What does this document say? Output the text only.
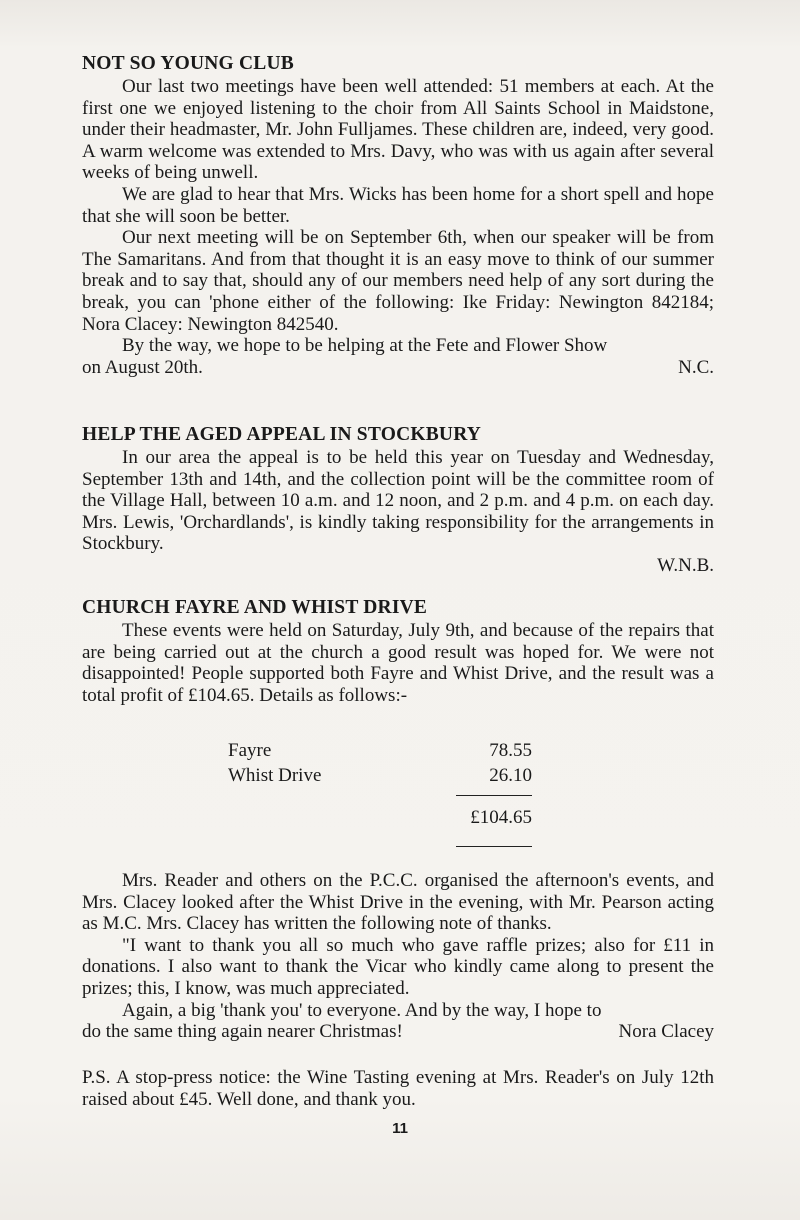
NOT SO YOUNG CLUB

Our last two meetings have been well attended: 51 members at each. At the first one we enjoyed listening to the choir from All Saints School in Maidstone, under their headmaster, Mr. John Fulljames. These children are, indeed, very good. A warm welcome was extended to Mrs. Davy, who was with us again after several weeks of being unwell.

We are glad to hear that Mrs. Wicks has been home for a short spell and hope that she will soon be better.

Our next meeting will be on September 6th, when our speaker will be from The Samaritans. And from that thought it is an easy move to think of our summer break and to say that, should any of our members need help of any sort during the break, you can 'phone either of the following: Ike Friday: Newington 842184; Nora Clacey: Newington 842540.

By the way, we hope to be helping at the Fete and Flower Show

on August 20th.	N.C.
HELP THE AGED APPEAL IN STOCKBURY

In our area the appeal is to be held this year on Tuesday and Wednesday, September 13th and 14th, and the collection point will be the committee room of the Village Hall, between 10 a.m. and 12 noon, and 2 p.m. and 4 p.m. on each day. Mrs. Lewis, 'Orchardlands', is kindly taking responsibility for the arrangements in Stockbury.

W.N.B.
CHURCH FAYRE AND WHIST DRIVE

These events were held on Saturday, July 9th, and because of the repairs that are being carried out at the church a good result was hoped for. We were not disappointed! People supported both Fayre and Whist Drive, and the result was a total profit of £104.65. Details as follows:-

Fayre	78.55
Whist Drive	26.10
£104.65

Mrs. Reader and others on the P.C.C. organised the afternoon's events, and Mrs. Clacey looked after the Whist Drive in the evening, with Mr. Pearson acting as M.C. Mrs. Clacey has written the following note of thanks.

"I want to thank you all so much who gave raffle prizes; also for £11 in donations. I also want to thank the Vicar who kindly came along to present the prizes; this, I know, was much appreciated.

Again, a big 'thank you' to everyone. And by the way, I hope to

do the same thing again nearer Christmas!	Nora Clacey

P.S. A stop-press notice: the Wine Tasting evening at Mrs. Reader's on July 12th raised about £45. Well done, and thank you.

11
